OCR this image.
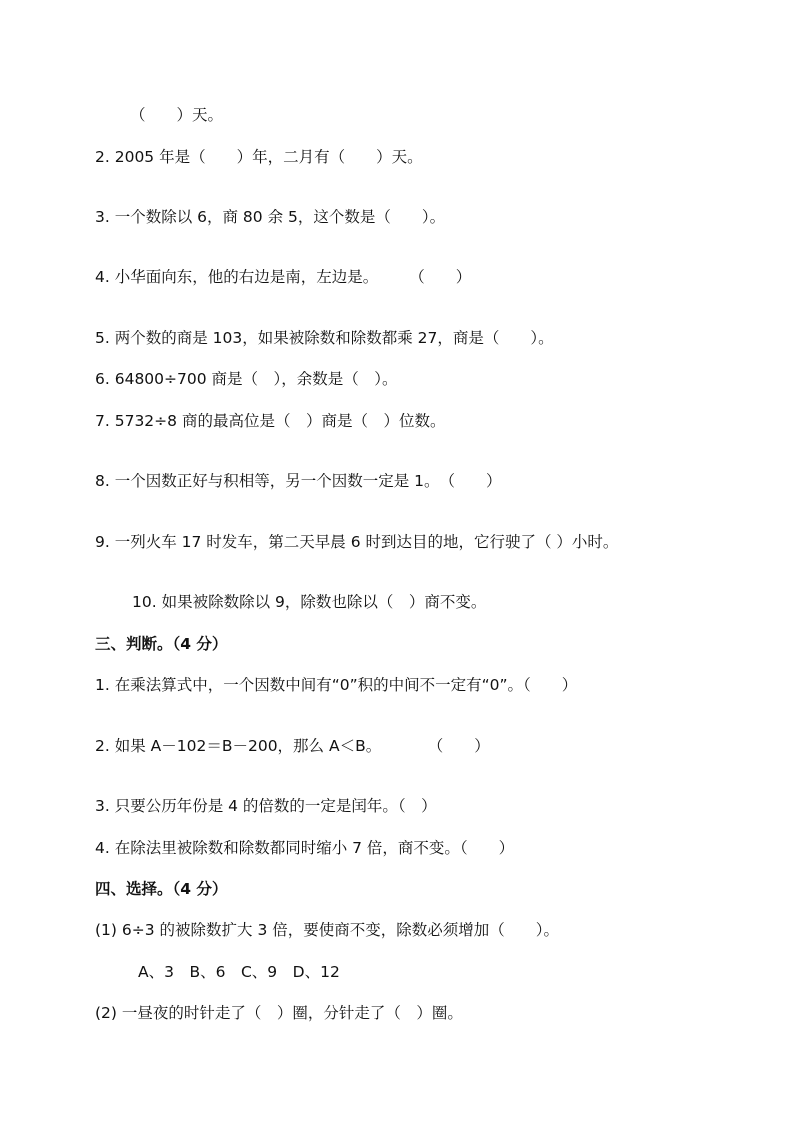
（　　）天。
2. 2005 年是（　　）年，二月有（　　）天。
3. 一个数除以 6，商 80 余 5，这个数是（　　）。
4. 小华面向东，他的右边是南，左边是。　　　（　　）
5. 两个数的商是 103，如果被除数和除数都乘 27，商是（　　）。
6. 64800÷700 商是（　），余数是（　）。
7. 5732÷8 商的最高位是（　）商是（　）位数。
8. 一个因数正好与积相等，另一个因数一定是 1。　（　　）
9. 一列火车 17 时发车，第二天早晨 6 时到达目的地，它行驶了（ ）小时。
10. 如果被除数除以 9，除数也除以（　）商不变。
三、判断。（4 分）
1. 在乘法算式中，一个因数中间有“0”积的中间不一定有“0”。（　　）
2. 如果 A－102＝B－200，那么 A＜B。　　　　（　　）
3. 只要公历年份是 4 的倍数的一定是闰年。（　）
4. 在除法里被除数和除数都同时缩小 7 倍，商不变。（　　）
四、选择。（4 分）
(1) 6÷3 的被除数扩大 3 倍，要使商不变，除数必须增加（　　）。
A、3　B、6　C、9　D、12
(2) 一昼夜的时针走了（　）圈，分针走了（　）圈。
